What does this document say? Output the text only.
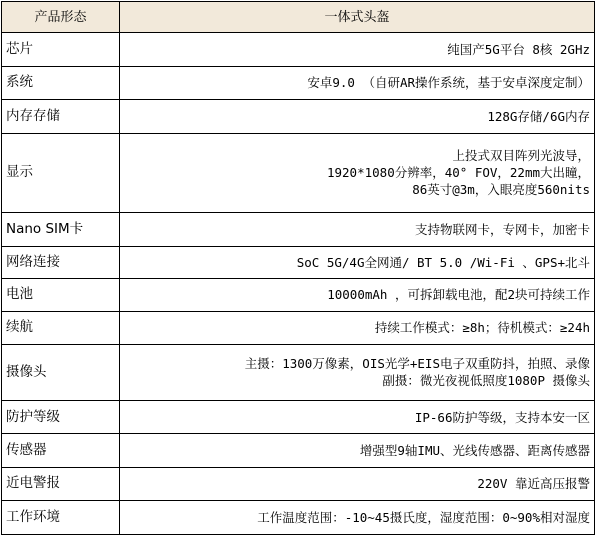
产品形态	一体式头盔
芯片	纯国产5G平台 8核 2GHz

系统	安卓9.0 （自研AR操作系统，基于安卓深度定制）

内存存储	128G存储/6G内存

显示	上投式双目阵列光波导，
1920*1080分辨率，40° FOV，22mm大出瞳，
86英寸@3m，入眼亮度560nits

Nano SIM卡	支持物联网卡，专网卡，加密卡

网络连接	SoC 5G/4G全网通/ BT 5.0 /Wi-Fi 、GPS+北斗

电池	10000mAh ，可拆卸载电池，配2块可持续工作

续航	持续工作模式：≥8h；待机模式：≥24h

摄像头	主摄：1300万像素，OIS光学+EIS电子双重防抖，拍照、录像
副摄：微光夜视低照度1080P 摄像头

防护等级	IP-66防护等级，支持本安一区

传感器	增强型9轴IMU、光线传感器、距离传感器

近电警报	220V 靠近高压报警

工作环境	工作温度范围：-10~45摄氏度，湿度范围：0~90%相对湿度
